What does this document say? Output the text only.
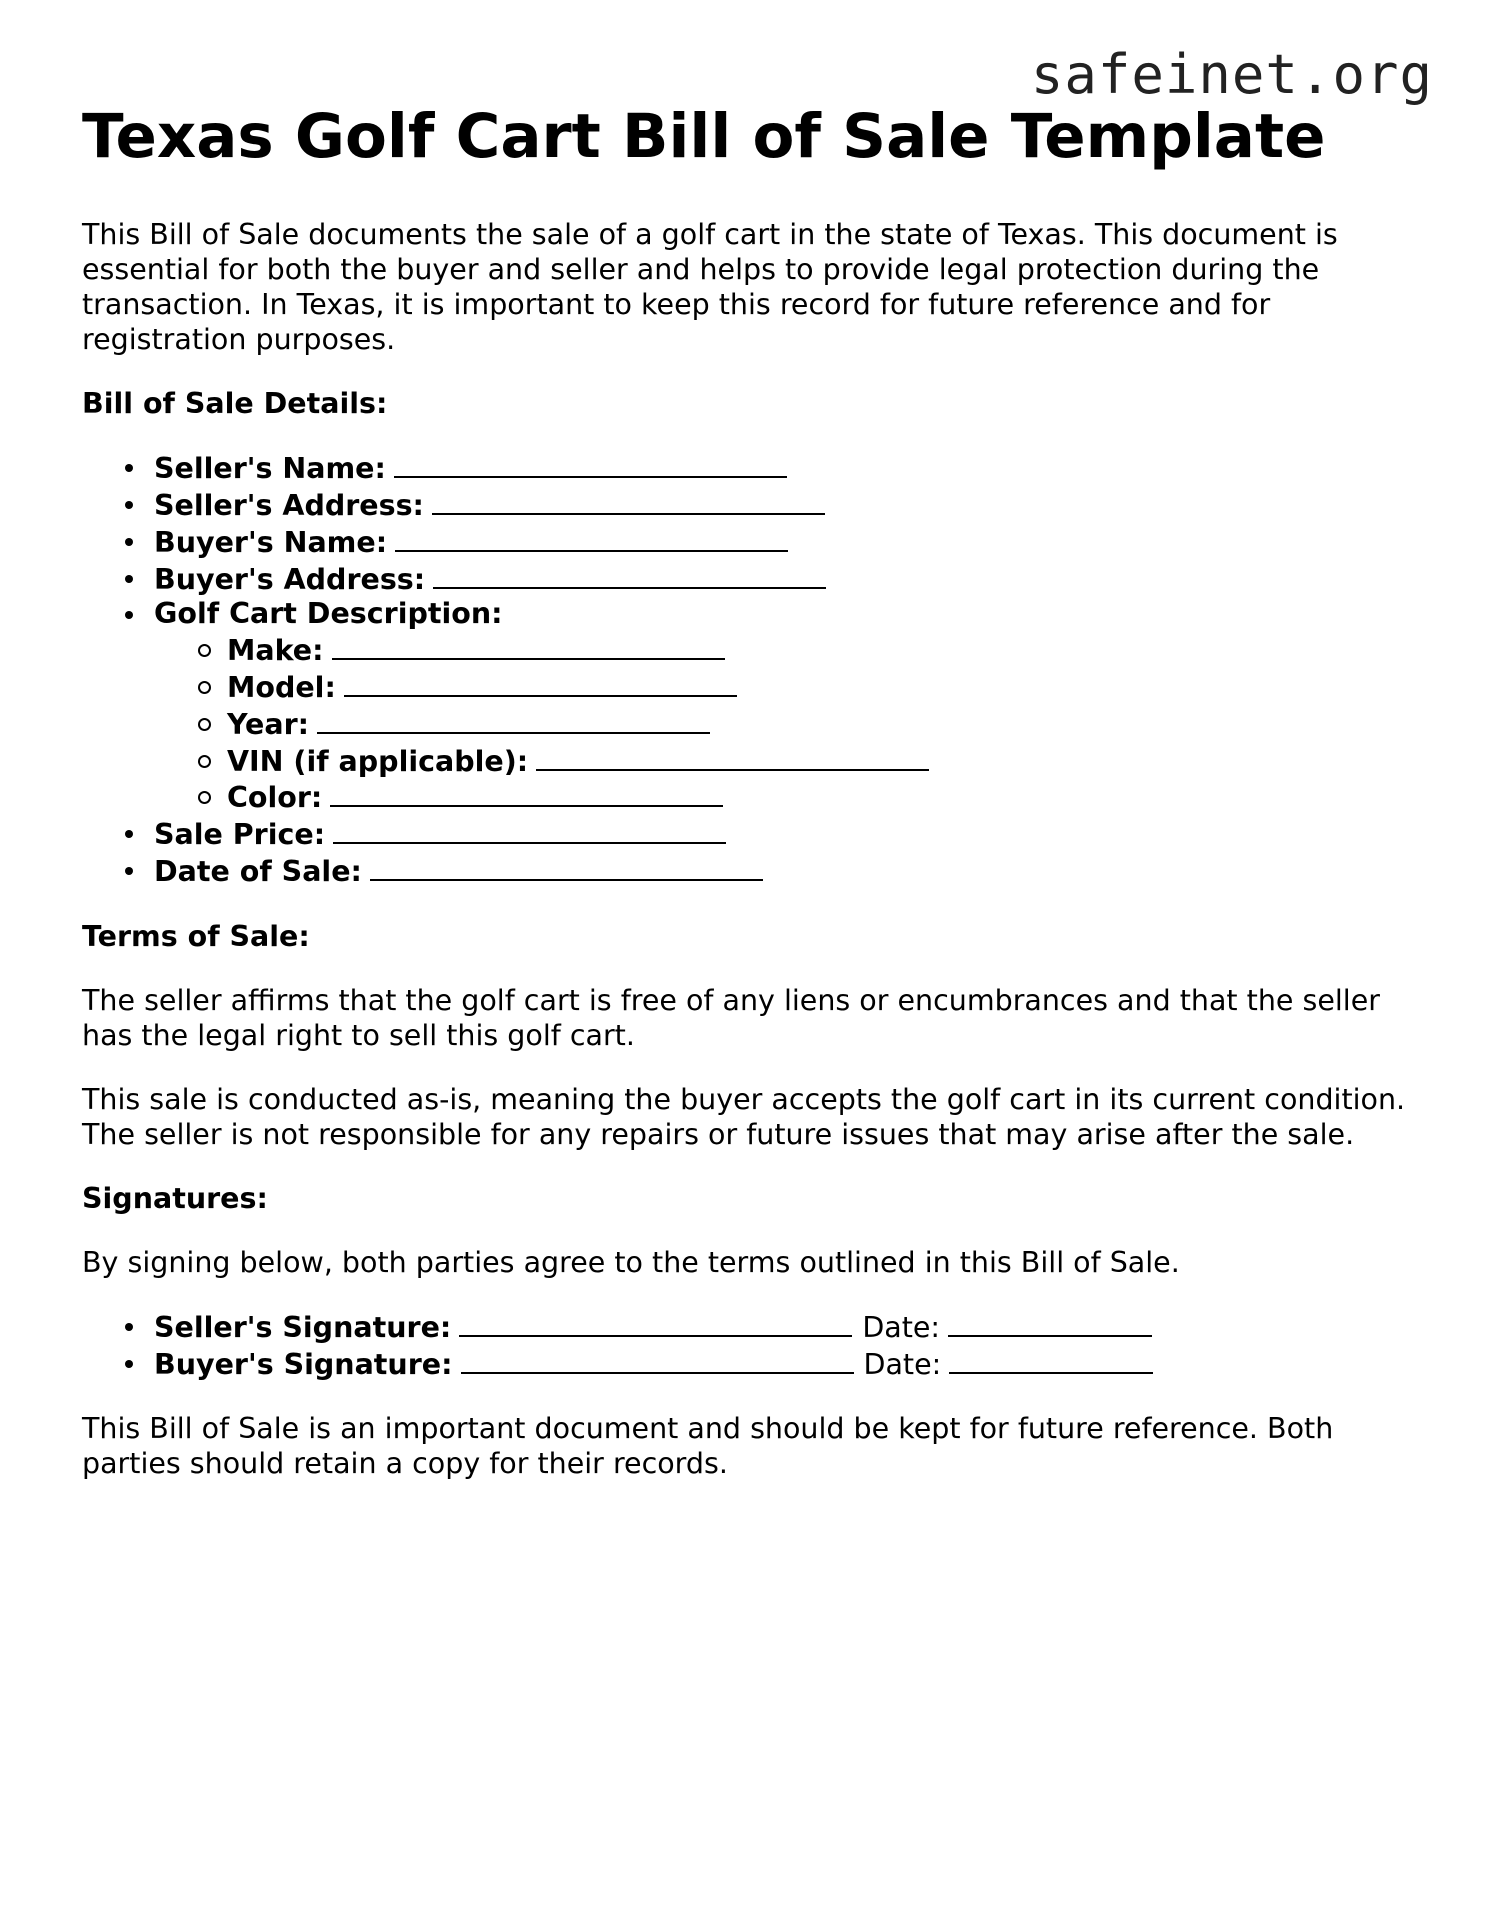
safeinet.org
Texas Golf Cart Bill of Sale Template

This Bill of Sale documents the sale of a golf cart in the state of Texas. This document is essential for both the buyer and seller and helps to provide legal protection during the transaction. In Texas, it is important to keep this record for future reference and for registration purposes.

Bill of Sale Details:
Seller's Name:
Seller's Address:
Buyer's Name:
Buyer's Address:
Golf Cart Description:
Make:
Model:
Year:
VIN (if applicable):
Color:
Sale Price:
Date of Sale:
Terms of Sale:

The seller affirms that the golf cart is free of any liens or encumbrances and that the seller has the legal right to sell this golf cart.

This sale is conducted as-is, meaning the buyer accepts the golf cart in its current condition. The seller is not responsible for any repairs or future issues that may arise after the sale.

Signatures:

By signing below, both parties agree to the terms outlined in this Bill of Sale.

Seller's Signature:	Date:
Buyer's Signature:	Date:

This Bill of Sale is an important document and should be kept for future reference. Both parties should retain a copy for their records.
